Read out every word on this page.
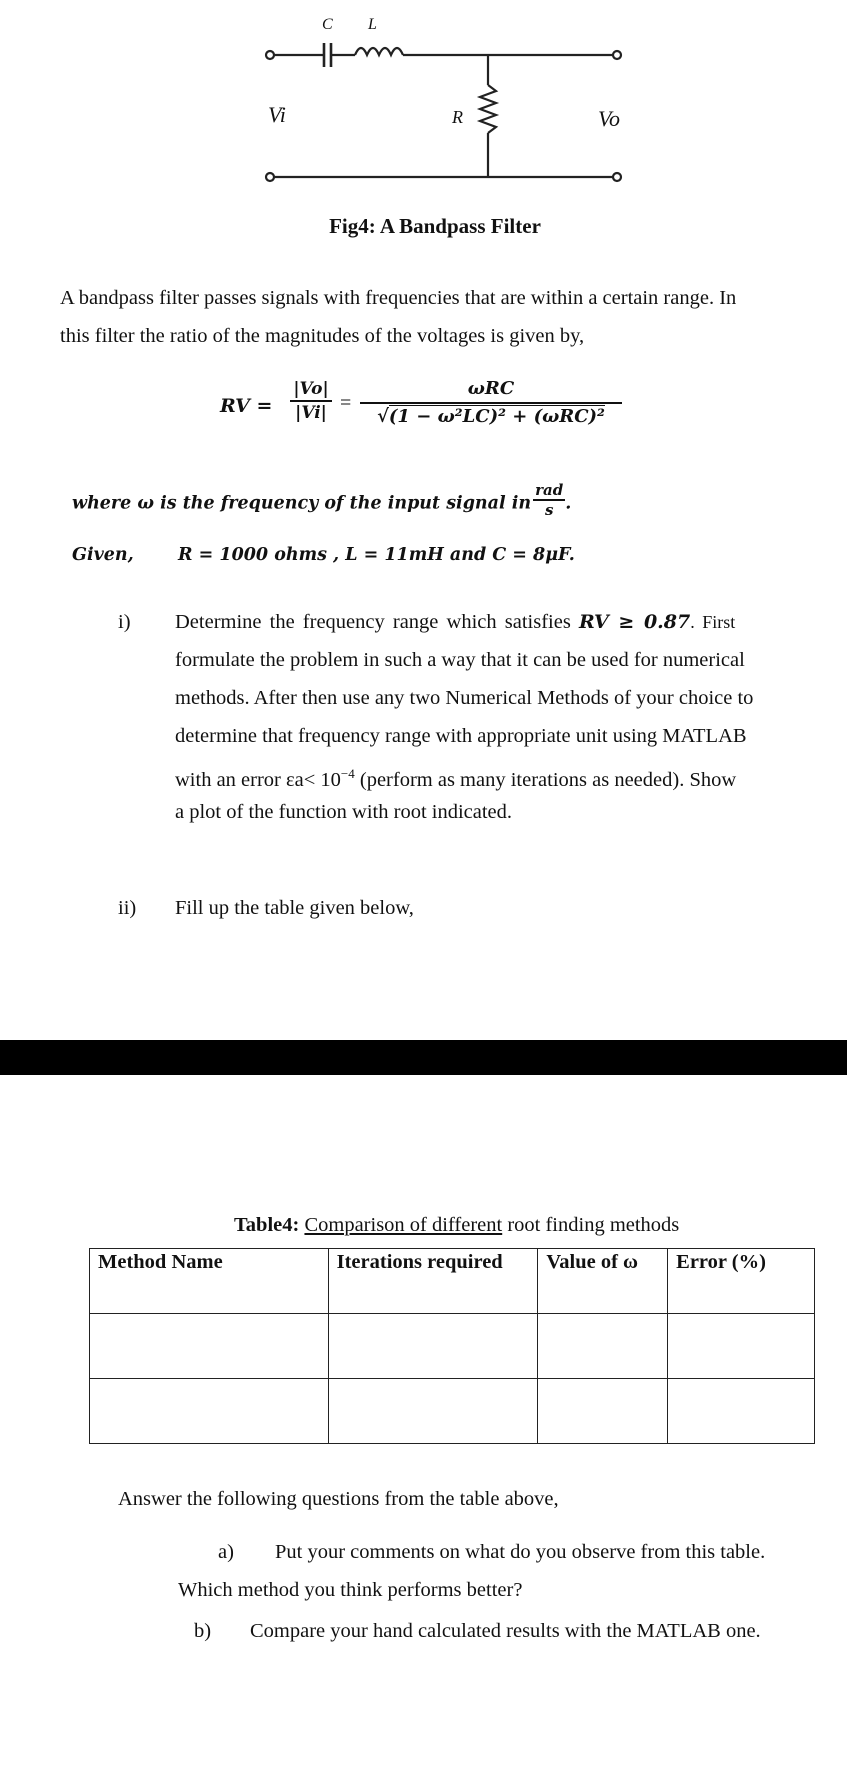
C L
R
Vi	Vo
Fig4: A Bandpass Filter
A bandpass filter passes signals with frequencies that are within a certain range. In
this filter the ratio of the magnitudes of the voltages is given by,
RV = $\frac{|Vo|}{|Vi|}$ =
ωRC
√(1 − ω²LC)² + (ωRC)²
where ω is the frequency of the input signal in $\frac{\text{rad}}{s}$ .
Given,	R = 1000 ohms , L = 11mH and C = 8μF.
i) Determine the frequency range which satisfies RV ≥ 0.87. First
formulate the problem in such a way that it can be used for numerical
methods. After then use any two Numerical Methods of your choice to
determine that frequency range with appropriate unit using MATLAB
with an error $\varepsilon a< 10^{-4}$ (perform as many iterations as needed). Show
a plot of the function with root indicated.
ii) Fill up the table given below,
Table4: Comparison of different root finding methods
Method Name	Iterations required	Value of ω	Error (%)

Answer the following questions from the table above,
a) Put your comments on what do you observe from this table.
Which method you think performs better?
b) Compare your hand calculated results with the MATLAB one.
